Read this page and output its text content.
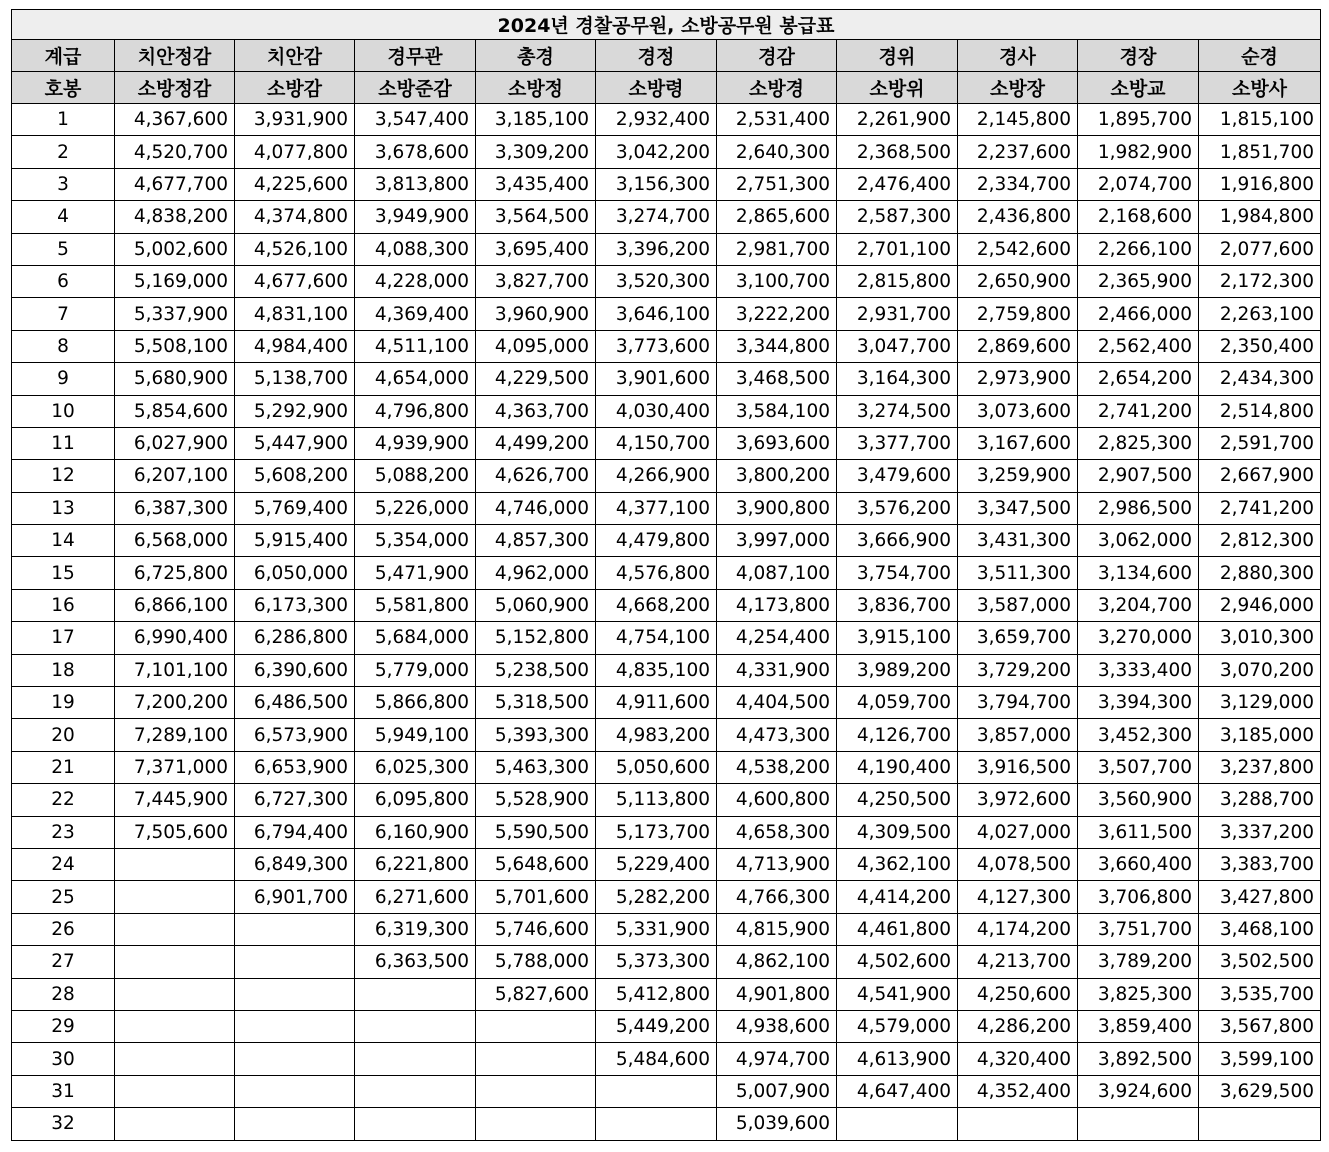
2024년 경찰공무원, 소방공무원 봉급표										
계급	치안정감	치안감	경무관	총경	경정	경감	경위	경사	경장	순경
호봉	소방정감	소방감	소방준감	소방정	소방령	소방경	소방위	소방장	소방교	소방사
1	4,367,600	3,931,900	3,547,400	3,185,100	2,932,400	2,531,400	2,261,900	2,145,800	1,895,700	1,815,100
2	4,520,700	4,077,800	3,678,600	3,309,200	3,042,200	2,640,300	2,368,500	2,237,600	1,982,900	1,851,700
3	4,677,700	4,225,600	3,813,800	3,435,400	3,156,300	2,751,300	2,476,400	2,334,700	2,074,700	1,916,800
4	4,838,200	4,374,800	3,949,900	3,564,500	3,274,700	2,865,600	2,587,300	2,436,800	2,168,600	1,984,800
5	5,002,600	4,526,100	4,088,300	3,695,400	3,396,200	2,981,700	2,701,100	2,542,600	2,266,100	2,077,600
6	5,169,000	4,677,600	4,228,000	3,827,700	3,520,300	3,100,700	2,815,800	2,650,900	2,365,900	2,172,300
7	5,337,900	4,831,100	4,369,400	3,960,900	3,646,100	3,222,200	2,931,700	2,759,800	2,466,000	2,263,100
8	5,508,100	4,984,400	4,511,100	4,095,000	3,773,600	3,344,800	3,047,700	2,869,600	2,562,400	2,350,400
9	5,680,900	5,138,700	4,654,000	4,229,500	3,901,600	3,468,500	3,164,300	2,973,900	2,654,200	2,434,300
10	5,854,600	5,292,900	4,796,800	4,363,700	4,030,400	3,584,100	3,274,500	3,073,600	2,741,200	2,514,800
11	6,027,900	5,447,900	4,939,900	4,499,200	4,150,700	3,693,600	3,377,700	3,167,600	2,825,300	2,591,700
12	6,207,100	5,608,200	5,088,200	4,626,700	4,266,900	3,800,200	3,479,600	3,259,900	2,907,500	2,667,900
13	6,387,300	5,769,400	5,226,000	4,746,000	4,377,100	3,900,800	3,576,200	3,347,500	2,986,500	2,741,200
14	6,568,000	5,915,400	5,354,000	4,857,300	4,479,800	3,997,000	3,666,900	3,431,300	3,062,000	2,812,300
15	6,725,800	6,050,000	5,471,900	4,962,000	4,576,800	4,087,100	3,754,700	3,511,300	3,134,600	2,880,300
16	6,866,100	6,173,300	5,581,800	5,060,900	4,668,200	4,173,800	3,836,700	3,587,000	3,204,700	2,946,000
17	6,990,400	6,286,800	5,684,000	5,152,800	4,754,100	4,254,400	3,915,100	3,659,700	3,270,000	3,010,300
18	7,101,100	6,390,600	5,779,000	5,238,500	4,835,100	4,331,900	3,989,200	3,729,200	3,333,400	3,070,200
19	7,200,200	6,486,500	5,866,800	5,318,500	4,911,600	4,404,500	4,059,700	3,794,700	3,394,300	3,129,000
20	7,289,100	6,573,900	5,949,100	5,393,300	4,983,200	4,473,300	4,126,700	3,857,000	3,452,300	3,185,000
21	7,371,000	6,653,900	6,025,300	5,463,300	5,050,600	4,538,200	4,190,400	3,916,500	3,507,700	3,237,800
22	7,445,900	6,727,300	6,095,800	5,528,900	5,113,800	4,600,800	4,250,500	3,972,600	3,560,900	3,288,700
23	7,505,600	6,794,400	6,160,900	5,590,500	5,173,700	4,658,300	4,309,500	4,027,000	3,611,500	3,337,200
24		6,849,300	6,221,800	5,648,600	5,229,400	4,713,900	4,362,100	4,078,500	3,660,400	3,383,700
25		6,901,700	6,271,600	5,701,600	5,282,200	4,766,300	4,414,200	4,127,300	3,706,800	3,427,800
26			6,319,300	5,746,600	5,331,900	4,815,900	4,461,800	4,174,200	3,751,700	3,468,100
27			6,363,500	5,788,000	5,373,300	4,862,100	4,502,600	4,213,700	3,789,200	3,502,500
28				5,827,600	5,412,800	4,901,800	4,541,900	4,250,600	3,825,300	3,535,700
29					5,449,200	4,938,600	4,579,000	4,286,200	3,859,400	3,567,800
30					5,484,600	4,974,700	4,613,900	4,320,400	3,892,500	3,599,100
31						5,007,900	4,647,400	4,352,400	3,924,600	3,629,500
32						5,039,600				
